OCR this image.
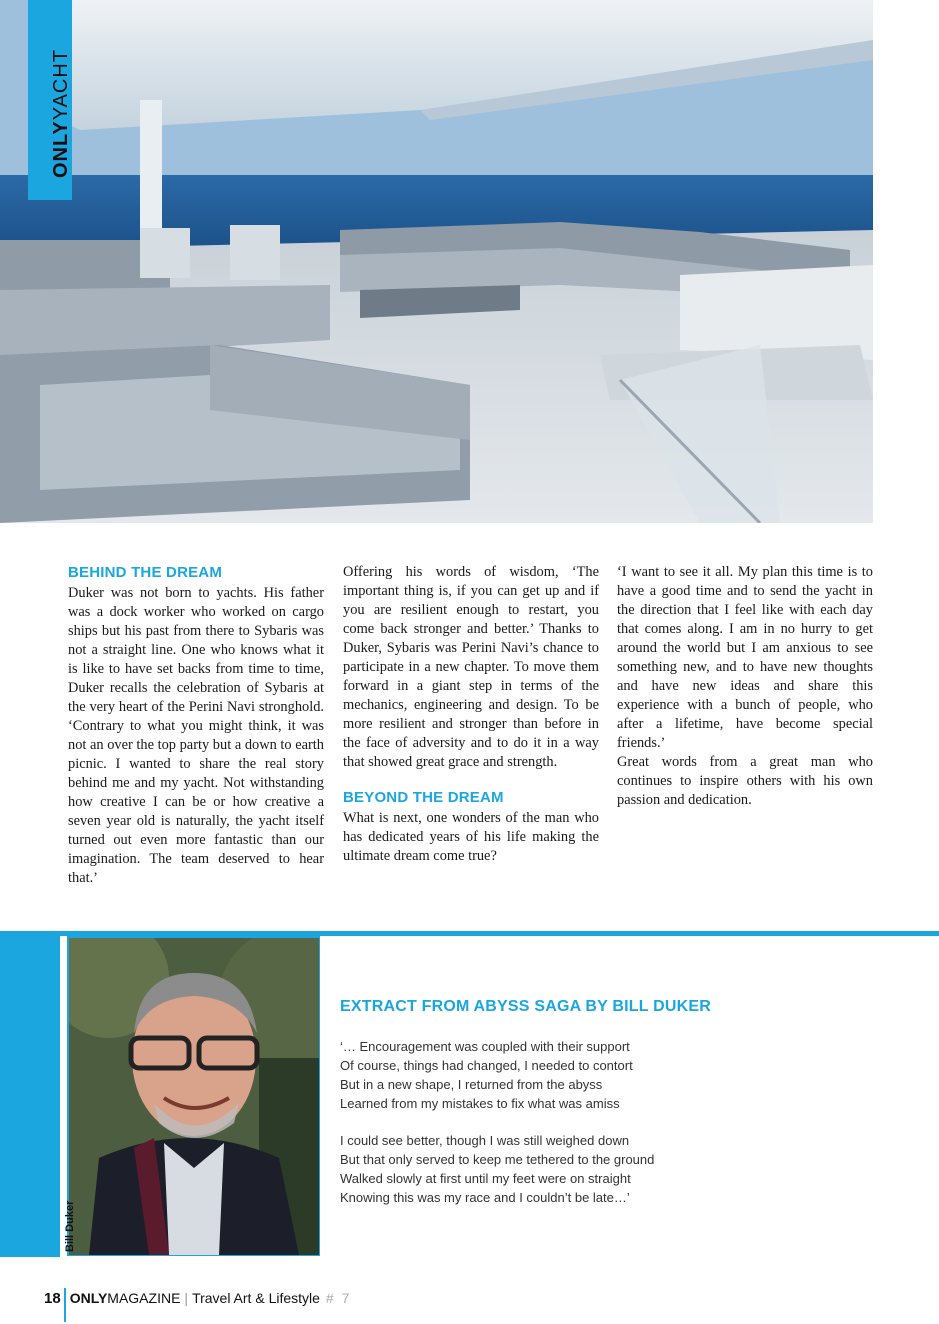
ONLYYACHT
BEHIND THE DREAM

Duker was not born to yachts. His father was a dock worker who worked on cargo ships but his past from there to Sybaris was not a straight line. One who knows what it is like to have set backs from time to time, Duker recalls the celebration of Sybaris at the very heart of the Perini Navi stronghold. ‘Contrary to what you might think, it was not an over the top party but a down to earth picnic. I wanted to share the real story behind me and my yacht. Not withstanding how creative I can be or how creative a seven year old is naturally, the yacht itself turned out even more fantastic than our imagination. The team deserved to hear that.’

Offering his words of wisdom, ‘The important thing is, if you can get up and if you are resilient enough to restart, you come back stronger and better.’ Thanks to Duker, Sybaris was Perini Navi’s chance to participate in a new chapter. To move them forward in a giant step in terms of the mechanics, engineering and design. To be more resilient and stronger than before in the face of adversity and to do it in a way that showed great grace and strength.

BEYOND THE DREAM

What is next, one wonders of the man who has dedicated years of his life making the ultimate dream come true?

‘I want to see it all. My plan this time is to have a good time and to send the yacht in the direction that I feel like with each day that comes along. I am in no hurry to get around the world but I am anxious to see something new, and to have new thoughts and have new ideas and share this experience with a bunch of people, who after a lifetime, have become special friends.’

Great words from a great man who continues to inspire others with his own passion and dedication.

Bill Duker
EXTRACT FROM ABYSS SAGA BY BILL DUKER
‘… Encouragement was coupled with their support
Of course, things had changed, I needed to contort
But in a new shape, I returned from the abyss
Learned from my mistakes to fix what was amiss
I could see better, though I was still weighed down
But that only served to keep me tethered to the ground
Walked slowly at first until my feet were on straight
Knowing this was my race and I couldn’t be late…’
18 ONLYMAGAZINE | Travel Art & Lifestyle # 7
